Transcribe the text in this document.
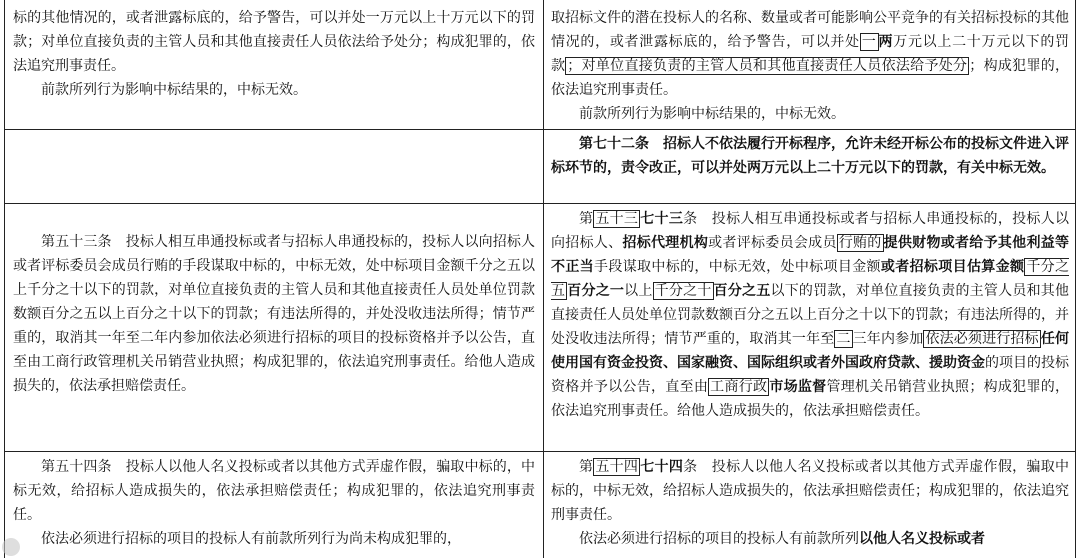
标的其他情况的，或者泄露标底的，给予警告，可以并处一万元以上十万元以下的罚款；对单位直接负责的主管人员和其他直接责任人员依法给予处分；构成犯罪的，依法追究刑事责任。

前款所列行为影响中标结果的，中标无效。

取招标文件的潜在投标人的名称、数量或者可能影响公平竞争的有关招标投标的其他情况的，或者泄露标底的，给予警告，可以并处 一 两万元以上二十万元以下的罚款 ；对单位直接负责的主管人员和其他直接责任人员依法给予处分 ；构成犯罪的，依法追究刑事责任。

前款所列行为影响中标结果的，中标无效。

第七十二条　招标人不依法履行开标程序，允许未经开标公布的投标文件进入评标环节的，责令改正，可以并处两万元以上二十万元以下的罚款，有关中标无效。

第五十三条　投标人相互串通投标或者与招标人串通投标的，投标人以向招标人或者评标委员会成员行贿的手段谋取中标的，中标无效，处中标项目金额千分之五以上千分之十以下的罚款，对单位直接负责的主管人员和其他直接责任人员处单位罚款数额百分之五以上百分之十以下的罚款；有违法所得的，并处没收违法所得；情节严重的，取消其一年至二年内参加依法必须进行招标的项目的投标资格并予以公告，直至由工商行政管理机关吊销营业执照；构成犯罪的，依法追究刑事责任。给他人造成损失的，依法承担赔偿责任。

第 五十三 七十三条　投标人相互串通投标或者与招标人串通投标的，投标人以向招标人、招标代理机构或者评标委员会成员 行贿的 提供财物或者给予其他利益等不正当手段谋取中标的，中标无效，处中标项目金额或者招标项目估算金额 千分之五 百分之一以上 千分之十 百分之五以下的罚款，对单位直接负责的主管人员和其他直接责任人员处单位罚款数额百分之五以上百分之十以下的罚款；有违法所得的，并处没收违法所得；情节严重的，取消其一年至 二 三年内参加 依法必须进行招标 任何使用国有资金投资、国家融资、国际组织或者外国政府贷款、援助资金的项目的投标资格并予以公告，直至由 工商行政 市场监督管理机关吊销营业执照；构成犯罪的，依法追究刑事责任。给他人造成损失的，依法承担赔偿责任。

第五十四条　投标人以他人名义投标或者以其他方式弄虚作假，骗取中标的，中标无效，给招标人造成损失的，依法承担赔偿责任；构成犯罪的，依法追究刑事责任。

依法必须进行招标的项目的投标人有前款所列行为尚未构成犯罪的，

第 五十四 七十四条　投标人以他人名义投标或者以其他方式弄虚作假，骗取中标的，中标无效，给招标人造成损失的，依法承担赔偿责任；构成犯罪的，依法追究刑事责任。

依法必须进行招标的项目的投标人有前款所列以他人名义投标或者
